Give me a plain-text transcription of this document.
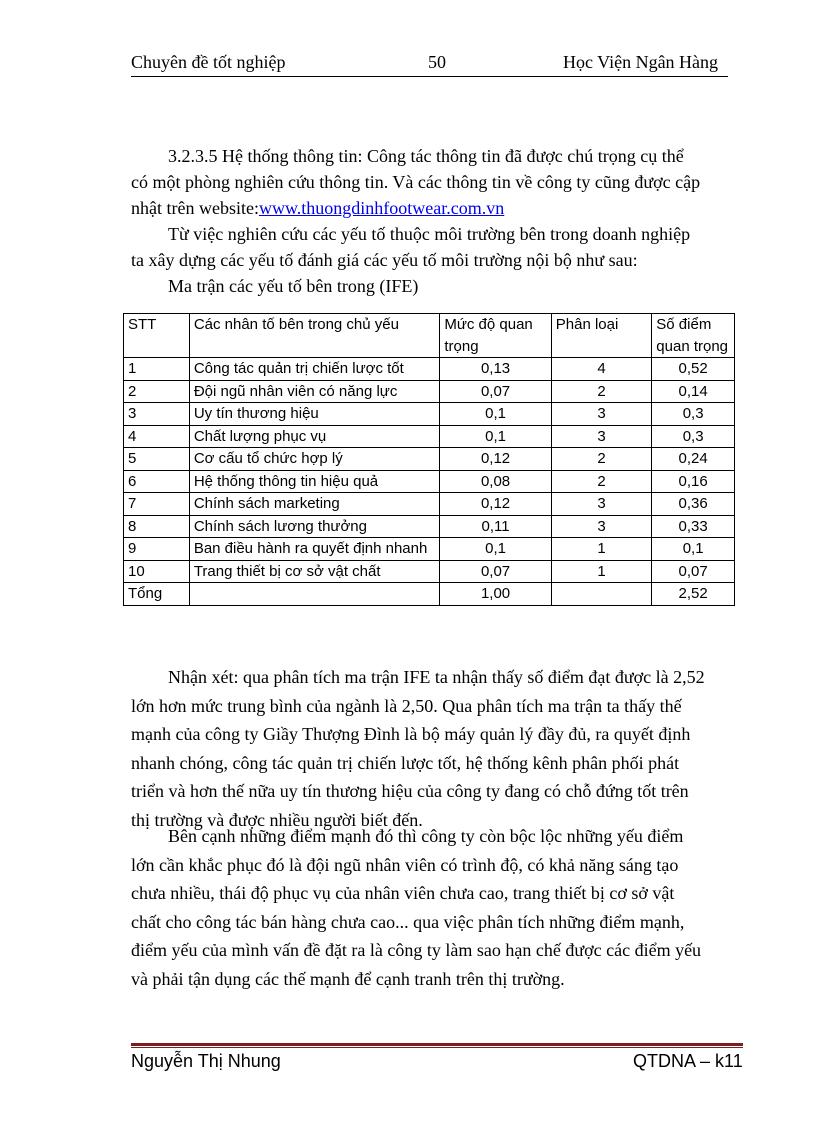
Chuyên đề tốt nghiệp	50	Học Viện Ngân Hàng
3.2.3.5 Hệ thống thông tin: Công tác thông tin đã được chú trọng cụ thể
có một phòng nghiên cứu thông tin. Và các thông tin về công ty cũng được cập
nhật trên website:www.thuongdinhfootwear.com.vn
Từ việc nghiên cứu các yếu tố thuộc môi trường bên trong doanh nghiệp
ta xây dựng các yếu tố đánh giá các yếu tố môi trường nội bộ như sau:
Ma trận các yếu tố bên trong (IFE)
STT	Các nhân tố bên trong chủ yếu	Mức độ quan trọng	Phân loại	Số điểm quan trọng
1	Công tác quản trị chiến lược tốt	0,13	4	0,52
2	Đội ngũ nhân viên có năng lực	0,07	2	0,14
3	Uy tín thương hiệu	0,1	3	0,3
4	Chất lượng phục vụ	0,1	3	0,3
5	Cơ cấu tổ chức hợp lý	0,12	2	0,24
6	Hệ thống thông tin hiệu quả	0,08	2	0,16
7	Chính sách marketing	0,12	3	0,36
8	Chính sách lương thưởng	0,11	3	0,33
9	Ban điều hành ra quyết định nhanh	0,1	1	0,1
10	Trang thiết bị cơ sở vật chất	0,07	1	0,07
Tổng		1,00		2,52
Nhận xét: qua phân tích ma trận IFE ta nhận thấy số điểm đạt được là 2,52
lớn hơn mức trung bình của ngành là 2,50. Qua phân tích ma trận ta thấy thế
mạnh của công ty Giầy Thượng Đình là bộ máy quản lý đầy đủ, ra quyết định
nhanh chóng, công tác quản trị chiến lược tốt, hệ thống kênh phân phối phát
triển và hơn thế nữa uy tín thương hiệu của công ty đang có chỗ đứng tốt trên
thị trường và được nhiều người biết đến.
Bên cạnh những điểm mạnh đó thì công ty còn bộc lộc những yếu điểm
lớn cần khắc phục đó là đội ngũ nhân viên có trình độ, có khả năng sáng tạo
chưa nhiều, thái độ phục vụ của nhân viên chưa cao, trang thiết bị cơ sở vật
chất cho công tác bán hàng chưa cao... qua việc phân tích những điểm mạnh,
điểm yếu của mình vấn đề đặt ra là công ty làm sao hạn chế được các điểm yếu
và phải tận dụng các thế mạnh để cạnh tranh trên thị trường.
Nguyễn Thị Nhung	QTDNA – k11
